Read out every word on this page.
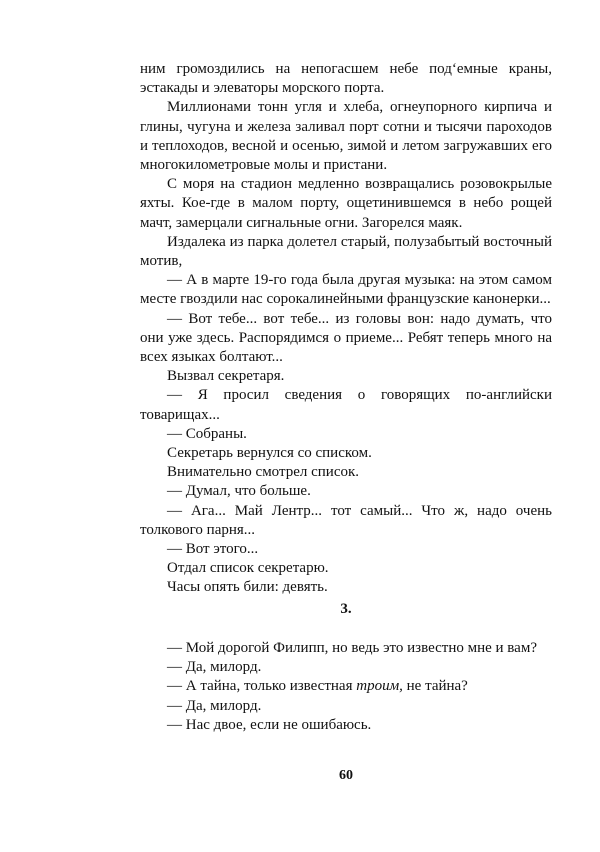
ним громоздились на непогасшем небе под‘емные краны, эстакады и элеваторы морского порта.

Миллионами тонн угля и хлеба, огнеупорного кирпича и глины, чугуна и железа заливал порт сотни и тысячи пароходов и теплоходов, весной и осенью, зимой и летом загружавших его многокилометровые молы и пристани.

С моря на стадион медленно возвращались розовокрылые яхты. Кое-где в малом порту, ощетинившемся в небо рощей мачт, замерцали сигнальные огни. Загорелся маяк.

Издалека из парка долетел старый, полузабытый восточный мотив,

— А в марте 19-го года была другая музыка: на этом самом месте гвоздили нас сорокалинейными французские канонерки...

— Вот тебе... вот тебе... из головы вон: надо думать, что они уже здесь. Распорядимся о приеме... Ребят теперь много на всех языках болтают...

Вызвал секретаря.

— Я просил сведения о говорящих по-английски товарищах...

— Собраны.

Секретарь вернулся со списком.

Внимательно смотрел список.

— Думал, что больше.

— Ага... Май Лентр... тот самый... Что ж, надо очень толкового парня...

— Вот этого...

Отдал список секретарю.

Часы опять били: девять.

3.

— Мой дорогой Филипп, но ведь это известно мне и вам?

— Да, милорд.

— А тайна, только известная троим, не тайна?

— Да, милорд.

— Нас двое, если не ошибаюсь.

60
